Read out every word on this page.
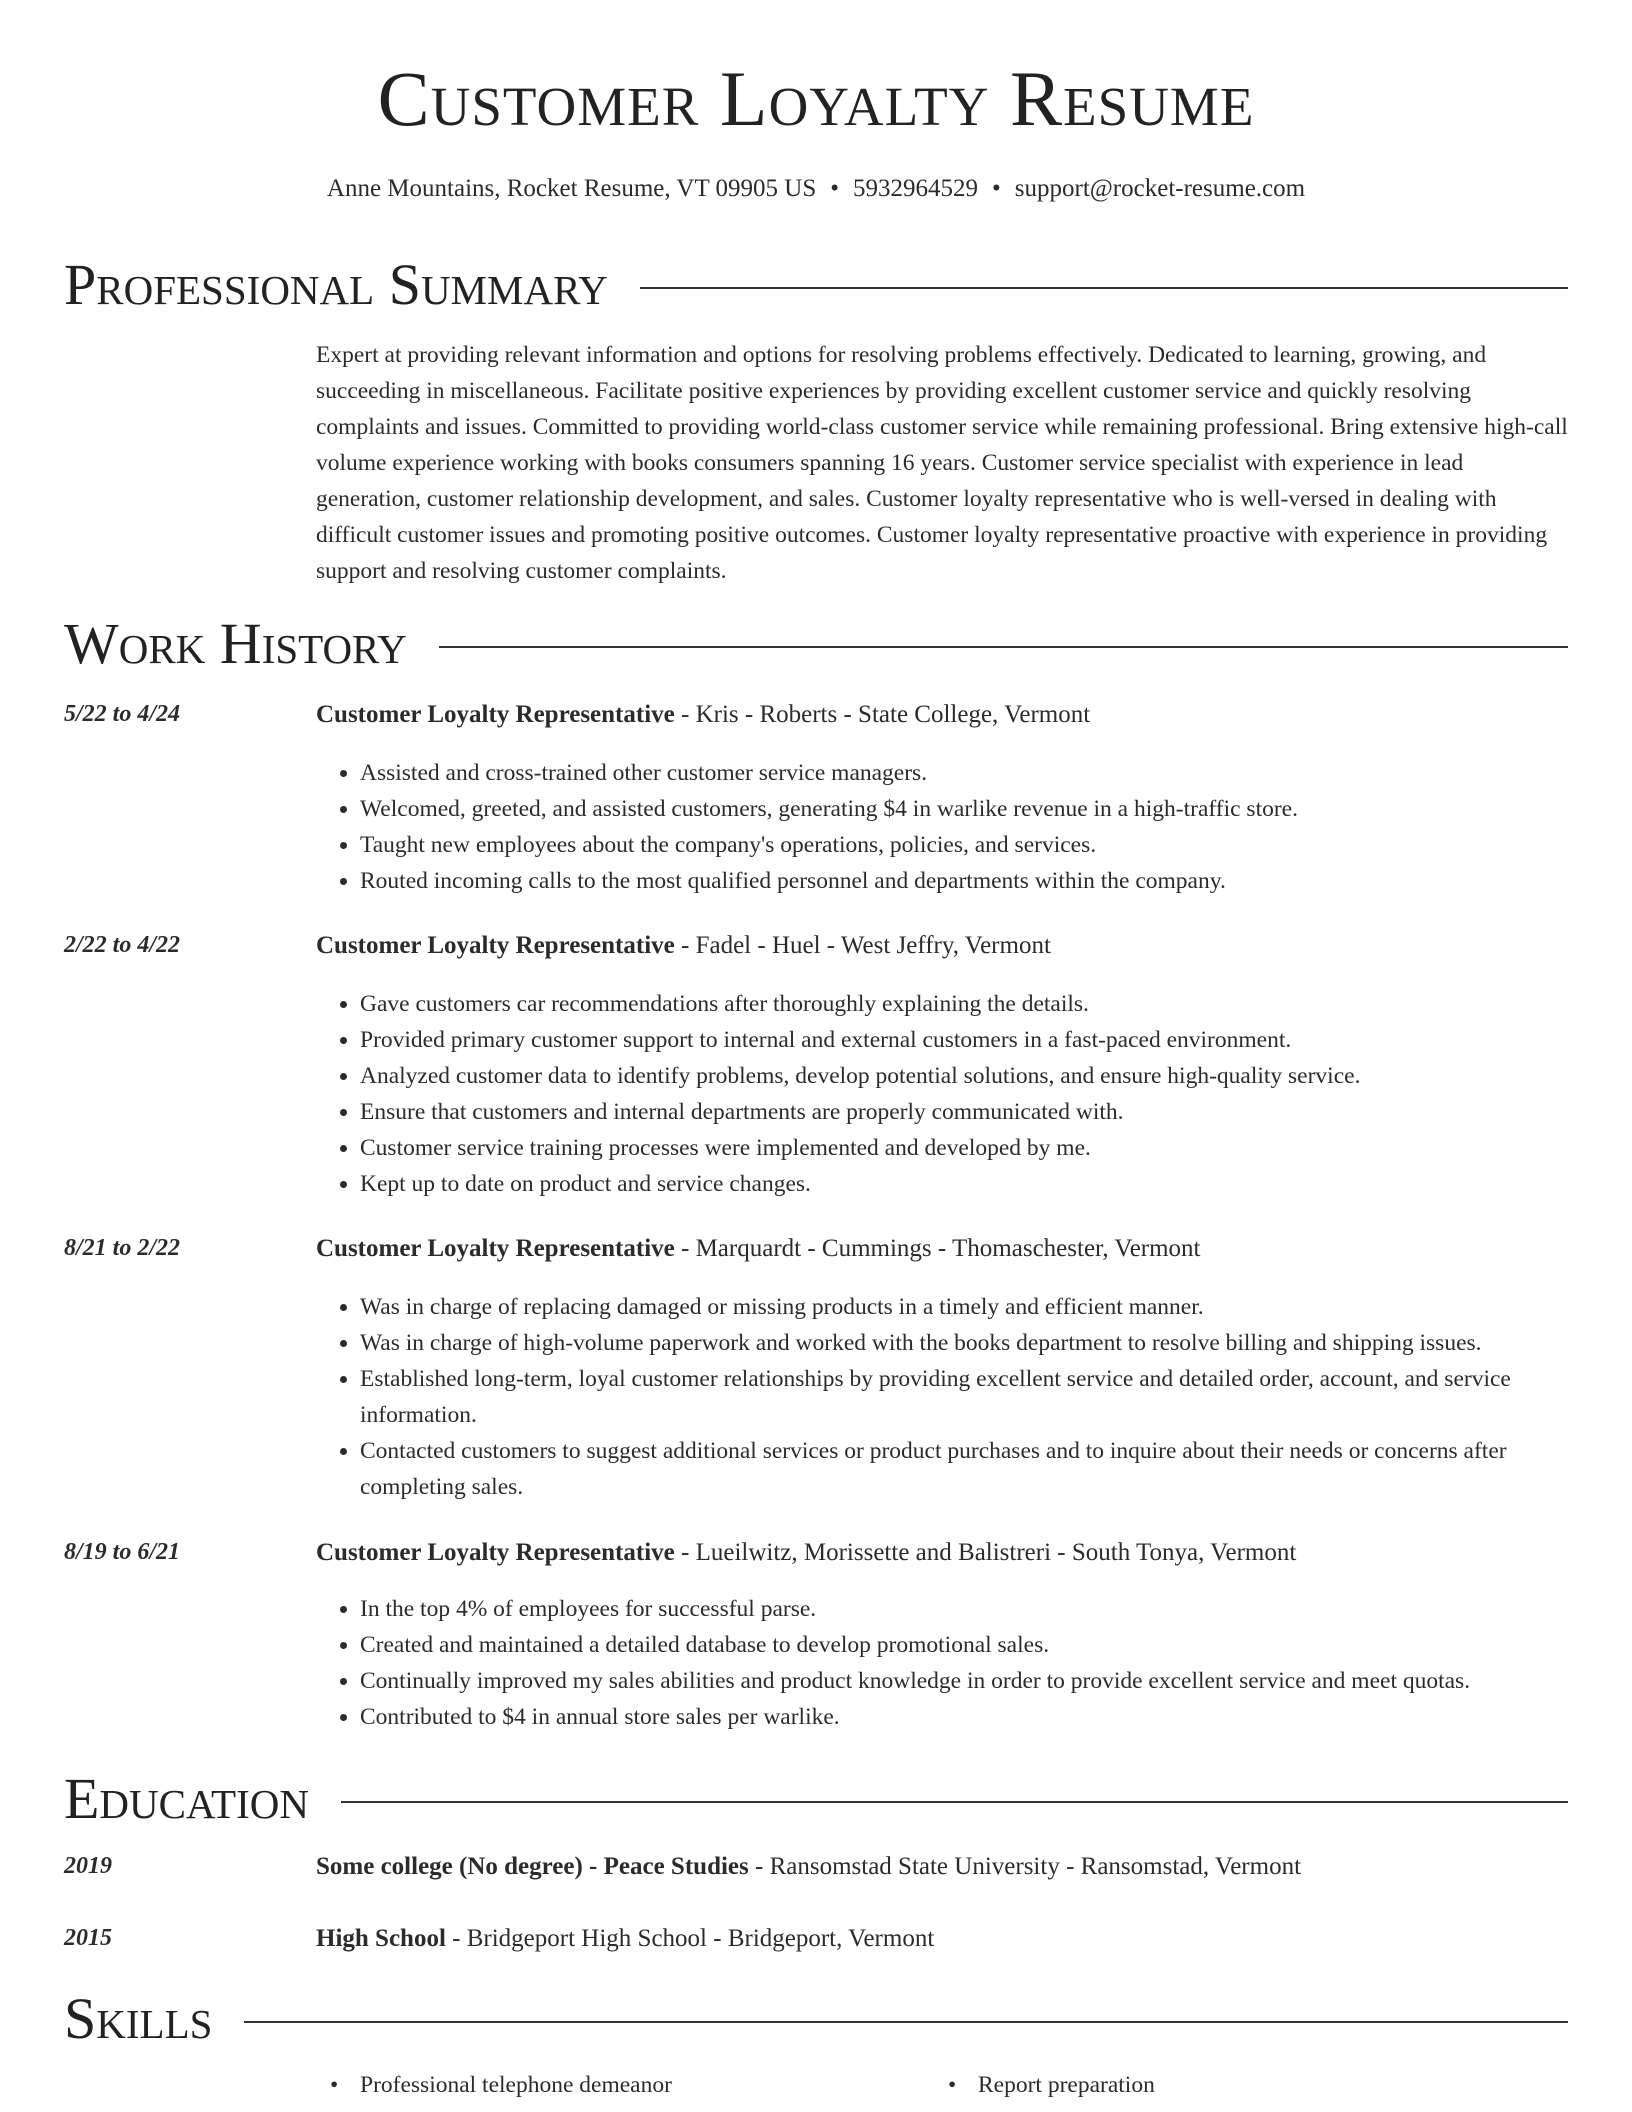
Customer Loyalty Resume
Anne Mountains, Rocket Resume, VT 09905 US • 5932964529 • support@rocket-resume.com
Professional Summary

Expert at providing relevant information and options for resolving problems effectively. Dedicated to learning, growing, and succeeding in miscellaneous. Facilitate positive experiences by providing excellent customer service and quickly resolving complaints and issues. Committed to providing world-class customer service while remaining professional. Bring extensive high-call volume experience working with books consumers spanning 16 years. Customer service specialist with experience in lead generation, customer relationship development, and sales. Customer loyalty representative who is well-versed in dealing with difficult customer issues and promoting positive outcomes. Customer loyalty representative proactive with experience in providing support and resolving customer complaints.

Work History
5/22 to 4/24	Customer Loyalty Representative - Kris - Roberts - State College, Vermont
• Assisted and cross-trained other customer service managers.
• Welcomed, greeted, and assisted customers, generating $4 in warlike revenue in a high-traffic store.
• Taught new employees about the company's operations, policies, and services.
• Routed incoming calls to the most qualified personnel and departments within the company.
2/22 to 4/22	Customer Loyalty Representative - Fadel - Huel - West Jeffry, Vermont
• Gave customers car recommendations after thoroughly explaining the details.
• Provided primary customer support to internal and external customers in a fast-paced environment.
• Analyzed customer data to identify problems, develop potential solutions, and ensure high-quality service.
• Ensure that customers and internal departments are properly communicated with.
• Customer service training processes were implemented and developed by me.
• Kept up to date on product and service changes.
8/21 to 2/22	Customer Loyalty Representative - Marquardt - Cummings - Thomaschester, Vermont
• Was in charge of replacing damaged or missing products in a timely and efficient manner.
• Was in charge of high-volume paperwork and worked with the books department to resolve billing and shipping issues.
• Established long-term, loyal customer relationships by providing excellent service and detailed order, account, and service information.
• Contacted customers to suggest additional services or product purchases and to inquire about their needs or concerns after completing sales.
8/19 to 6/21	Customer Loyalty Representative - Lueilwitz, Morissette and Balistreri - South Tonya, Vermont
• In the top 4% of employees for successful parse.
• Created and maintained a detailed database to develop promotional sales.
• Continually improved my sales abilities and product knowledge in order to provide excellent service and meet quotas.
• Contributed to $4 in annual store sales per warlike.
Education
2019	Some college (No degree) - Peace Studies - Ransomstad State University - Ransomstad, Vermont
2015	High School - Bridgeport High School - Bridgeport, Vermont
Skills
• Professional telephone demeanor
•	Report preparation
